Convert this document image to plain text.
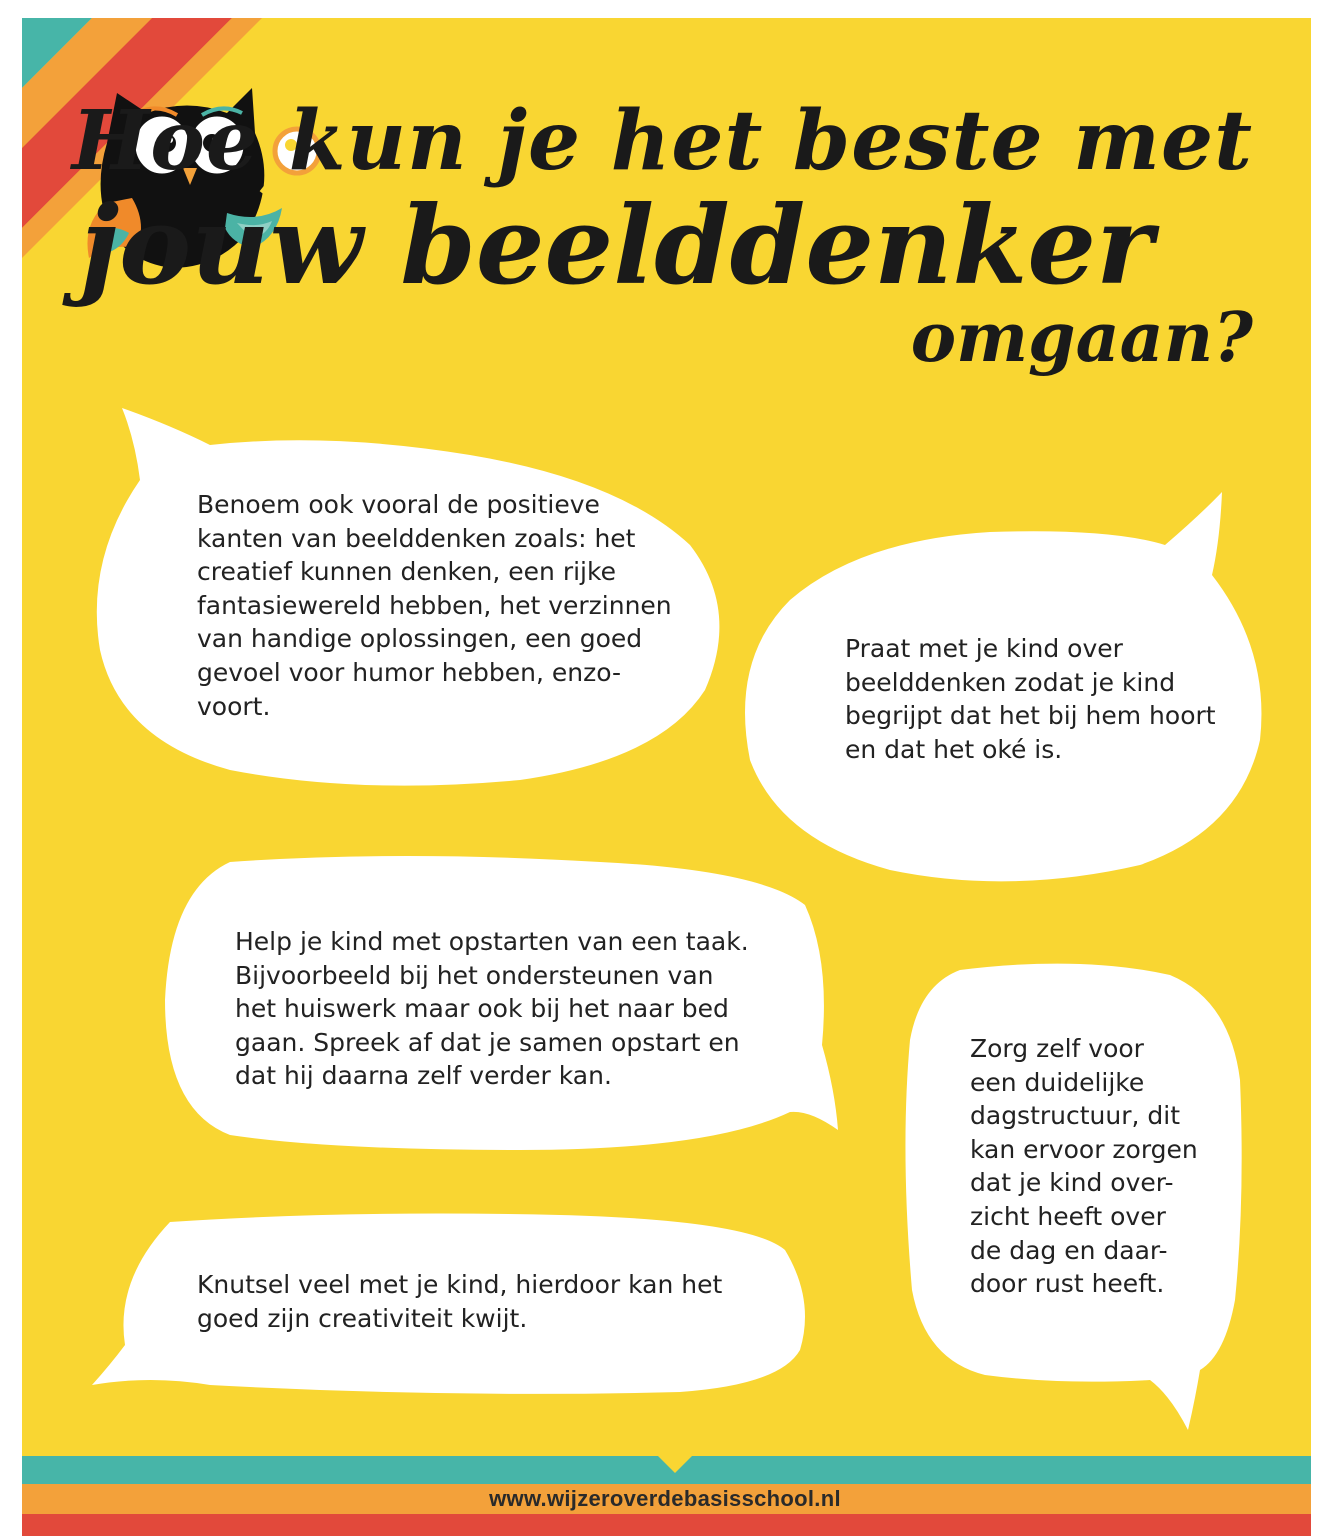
Hoe kun je het beste met
jouw beelddenker
omgaan?
Benoem ook vooral de positieve
kanten van beelddenken zoals: het
creatief kunnen denken, een rijke
fantasiewereld hebben, het verzinnen
van handige oplossingen, een goed
gevoel voor humor hebben, enzo-
voort.
Praat met je kind over
beelddenken zodat je kind
begrijpt dat het bij hem hoort
en dat het oké is.
Help je kind met opstarten van een taak.
Bijvoorbeeld bij het ondersteunen van
het huiswerk maar ook bij het naar bed
gaan. Spreek af dat je samen opstart en
dat hij daarna zelf verder kan.
Zorg zelf voor
een duidelijke
dagstructuur, dit
kan ervoor zorgen
dat je kind over-
zicht heeft over
de dag en daar-
door rust heeft.
Knutsel veel met je kind, hierdoor kan het
goed zijn creativiteit kwijt.
www.wijzeroverdebasisschool.nl
